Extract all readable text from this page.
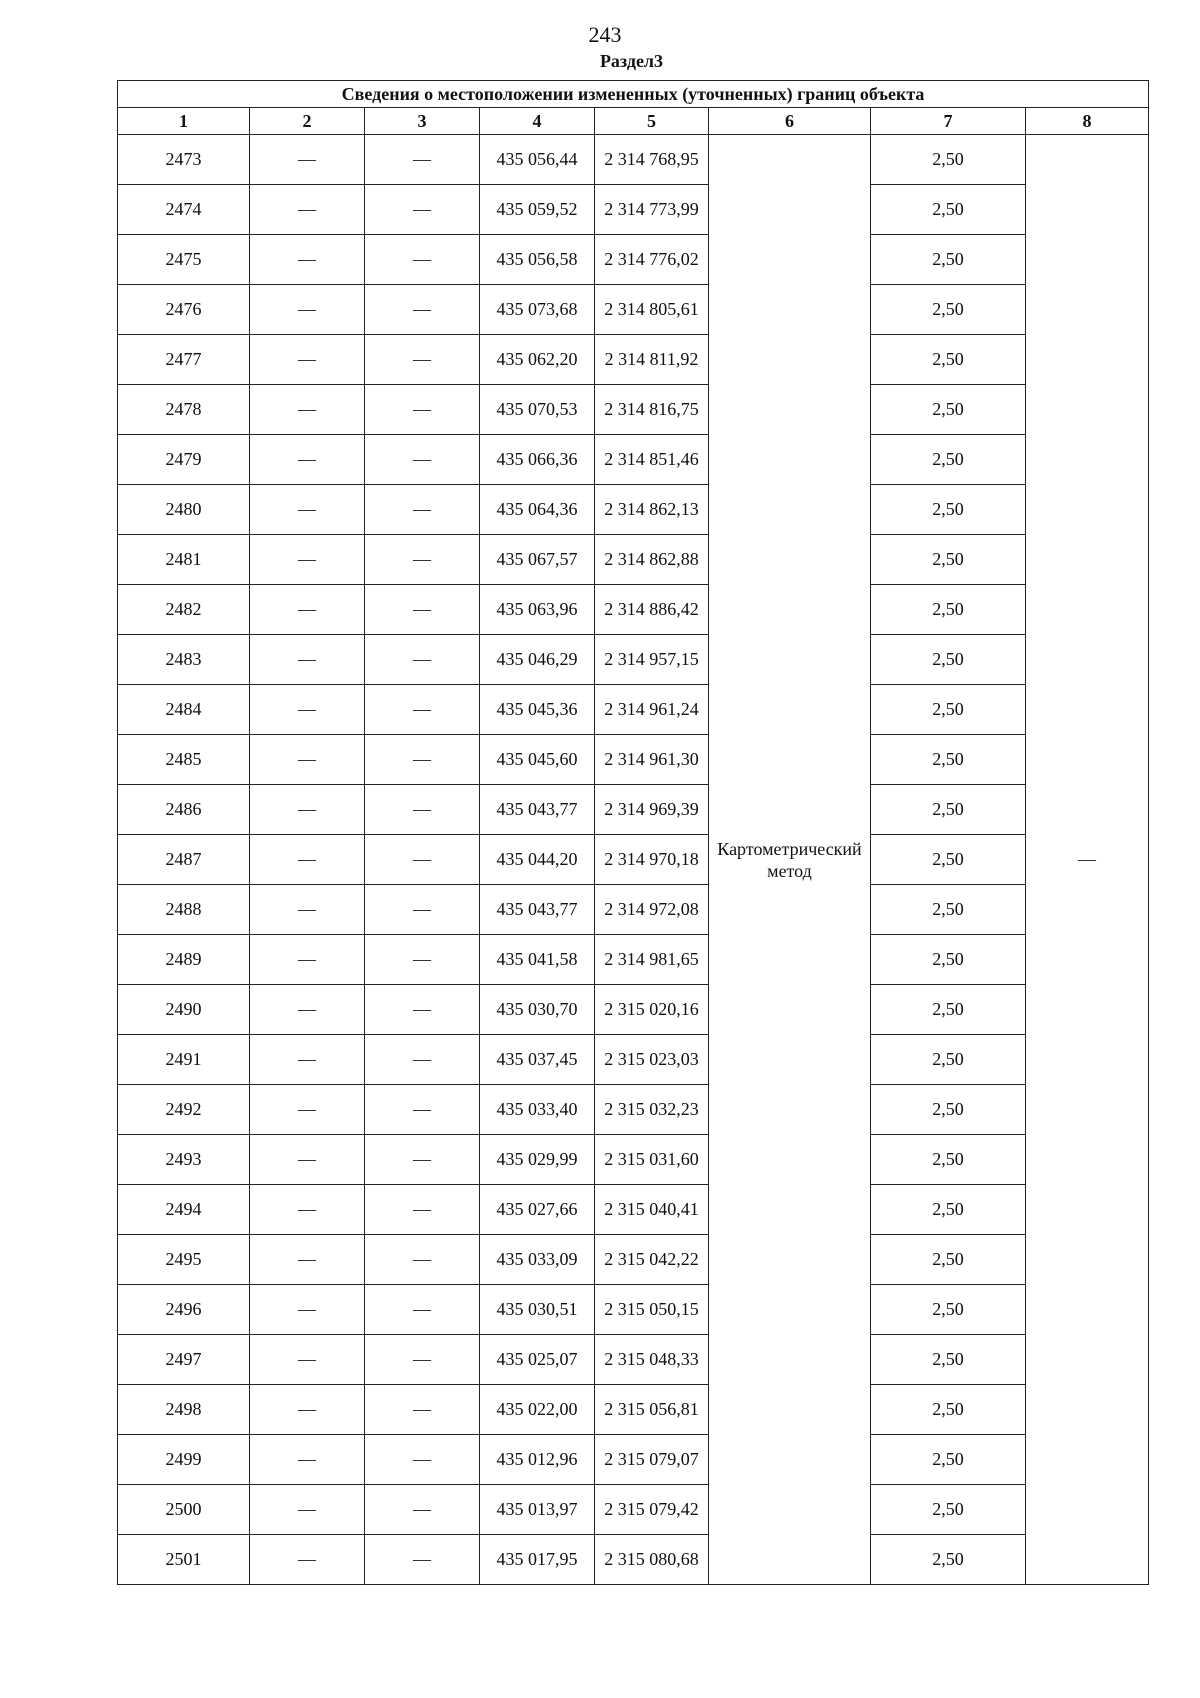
243
Раздел3
Сведения о местоположении измененных (уточненных) границ объекта							
1	2	3	4	5	6	7	8
2473	—	—	435 056,44	2 314 768,95	Картометрический метод	2,50	—
2474	—	—	435 059,52	2 314 773,99		2,50	
2475	—	—	435 056,58	2 314 776,02		2,50	
2476	—	—	435 073,68	2 314 805,61		2,50	
2477	—	—	435 062,20	2 314 811,92		2,50	
2478	—	—	435 070,53	2 314 816,75		2,50	
2479	—	—	435 066,36	2 314 851,46		2,50	
2480	—	—	435 064,36	2 314 862,13		2,50	
2481	—	—	435 067,57	2 314 862,88		2,50	
2482	—	—	435 063,96	2 314 886,42		2,50	
2483	—	—	435 046,29	2 314 957,15		2,50	
2484	—	—	435 045,36	2 314 961,24		2,50	
2485	—	—	435 045,60	2 314 961,30		2,50	
2486	—	—	435 043,77	2 314 969,39		2,50	
2487	—	—	435 044,20	2 314 970,18		2,50	
2488	—	—	435 043,77	2 314 972,08		2,50	
2489	—	—	435 041,58	2 314 981,65		2,50	
2490	—	—	435 030,70	2 315 020,16		2,50	
2491	—	—	435 037,45	2 315 023,03		2,50	
2492	—	—	435 033,40	2 315 032,23		2,50	
2493	—	—	435 029,99	2 315 031,60		2,50	
2494	—	—	435 027,66	2 315 040,41		2,50	
2495	—	—	435 033,09	2 315 042,22		2,50	
2496	—	—	435 030,51	2 315 050,15		2,50	
2497	—	—	435 025,07	2 315 048,33		2,50	
2498	—	—	435 022,00	2 315 056,81		2,50	
2499	—	—	435 012,96	2 315 079,07		2,50	
2500	—	—	435 013,97	2 315 079,42		2,50	
2501	—	—	435 017,95	2 315 080,68		2,50	
